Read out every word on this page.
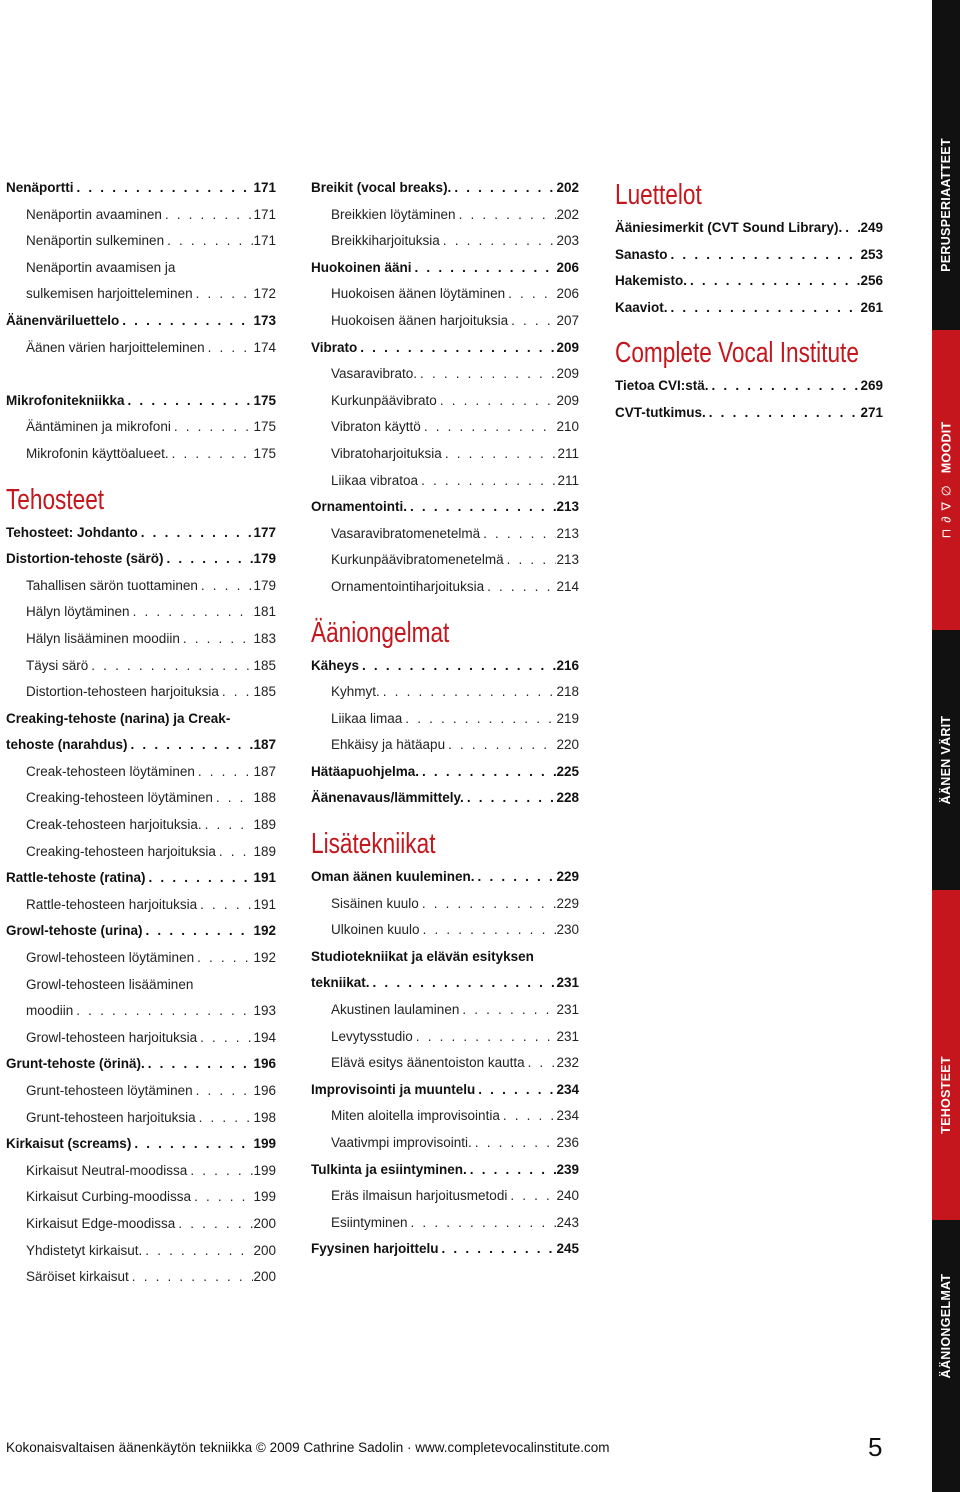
Nenäportti . . .	171
Nenäportin avaaminen . . .	171
Nenäportin sulkeminen . . .	171
Nenäportin avaamisen ja
sulkemisen harjoitteleminen . . .	172
Äänenväriluettelo . . .	173
Äänen värien harjoitteleminen . . .	174
Mikrofonitekniikka . . .	175
Ääntäminen ja mikrofoni . . .	175
Mikrofonin käyttöalueet. . . .	175
Tehosteet
Tehosteet: Johdanto . . .	177
Distortion-tehoste (särö) . . .	179
Tahallisen särön tuottaminen . . .	179
Hälyn löytäminen . . .	181
Hälyn lisääminen moodiin . . .	183
Täysi särö . . .	185
Distortion-tehosteen harjoituksia . . .	185
Creaking-tehoste (narina) ja Creak-
tehoste (narahdus) . . .	187
Creak-tehosteen löytäminen . . .	187
Creaking-tehosteen löytäminen . . .	188
Creak-tehosteen harjoituksia. . . .	189
Creaking-tehosteen harjoituksia . . .	189
Rattle-tehoste (ratina) . . .	191
Rattle-tehosteen harjoituksia . . .	191
Growl-tehoste (urina) . . .	192
Growl-tehosteen löytäminen . . .	192
Growl-tehosteen lisääminen
moodiin . . .	193
Growl-tehosteen harjoituksia . . .	194
Grunt-tehoste (örinä). . . .	196
Grunt-tehosteen löytäminen . . .	196
Grunt-tehosteen harjoituksia . . .	198
Kirkaisut (screams) . . .	199
Kirkaisut Neutral-moodissa . . .	199
Kirkaisut Curbing-moodissa . . .	199
Kirkaisut Edge-moodissa . . .	200
Yhdistetyt kirkaisut. . . .	200
Säröiset kirkaisut . . .	200
Breikit (vocal breaks). . . .	202
Breikkien löytäminen . . .	202
Breikkiharjoituksia . . .	203
Huokoinen ääni . . .	206
Huokoisen äänen löytäminen . . .	206
Huokoisen äänen harjoituksia . . .	207
Vibrato . . .	209
Vasaravibrato. . . .	209
Kurkunpäävibrato . . .	209
Vibraton käyttö . . .	210
Vibratoharjoituksia . . .	211
Liikaa vibratoa . . .	211
Ornamentointi. . . .	213
Vasaravibratomenetelmä . . .	213
Kurkunpäävibratomenetelmä . . .	213
Ornamentointiharjoituksia . . .	214
Ääniongelmat
Käheys . . .	216
Kyhmyt. . . .	218
Liikaa limaa . . .	219
Ehkäisy ja hätäapu . . .	220
Hätäapuohjelma. . . .	225
Äänenavaus/lämmittely. . . .	228
Lisätekniikat
Oman äänen kuuleminen. . . .	229
Sisäinen kuulo . . .	229
Ulkoinen kuulo . . .	230
Studiotekniikat ja elävän esityksen
tekniikat. . . .	231
Akustinen laulaminen . . .	231
Levytysstudio . . .	231
Elävä esitys äänentoiston kautta . . . 232
Improvisointi ja muuntelu . . .	234
Miten aloitella improvisointia . . .	234
Vaativmpi improvisointi. . . .	236
Tulkinta ja esiintyminen. . . .	239
Eräs ilmaisun harjoitusmetodi . . .	240
Esiintyminen . . .	243
Fyysinen harjoittelu . . .	245
Luettelot
Ääniesimerkit (CVT Sound Library). . . . 249
Sanasto . . .	253
Hakemisto. . . .	256
Kaaviot. . . .	261
Complete Vocal Institute
Tietoa CVI:stä. . . .	269
CVT-tutkimus. . . .	271
PERUSPERIAATTEET
⊓∂∇∅MOODIT
ÄÄNEN VÄRIT
TEHOSTEET
ÄÄNIONGELMAT
Kokonaisvaltaisen äänenkäytön tekniikka © 2009 Cathrine Sadolin · www.completevocalinstitute.com	5
